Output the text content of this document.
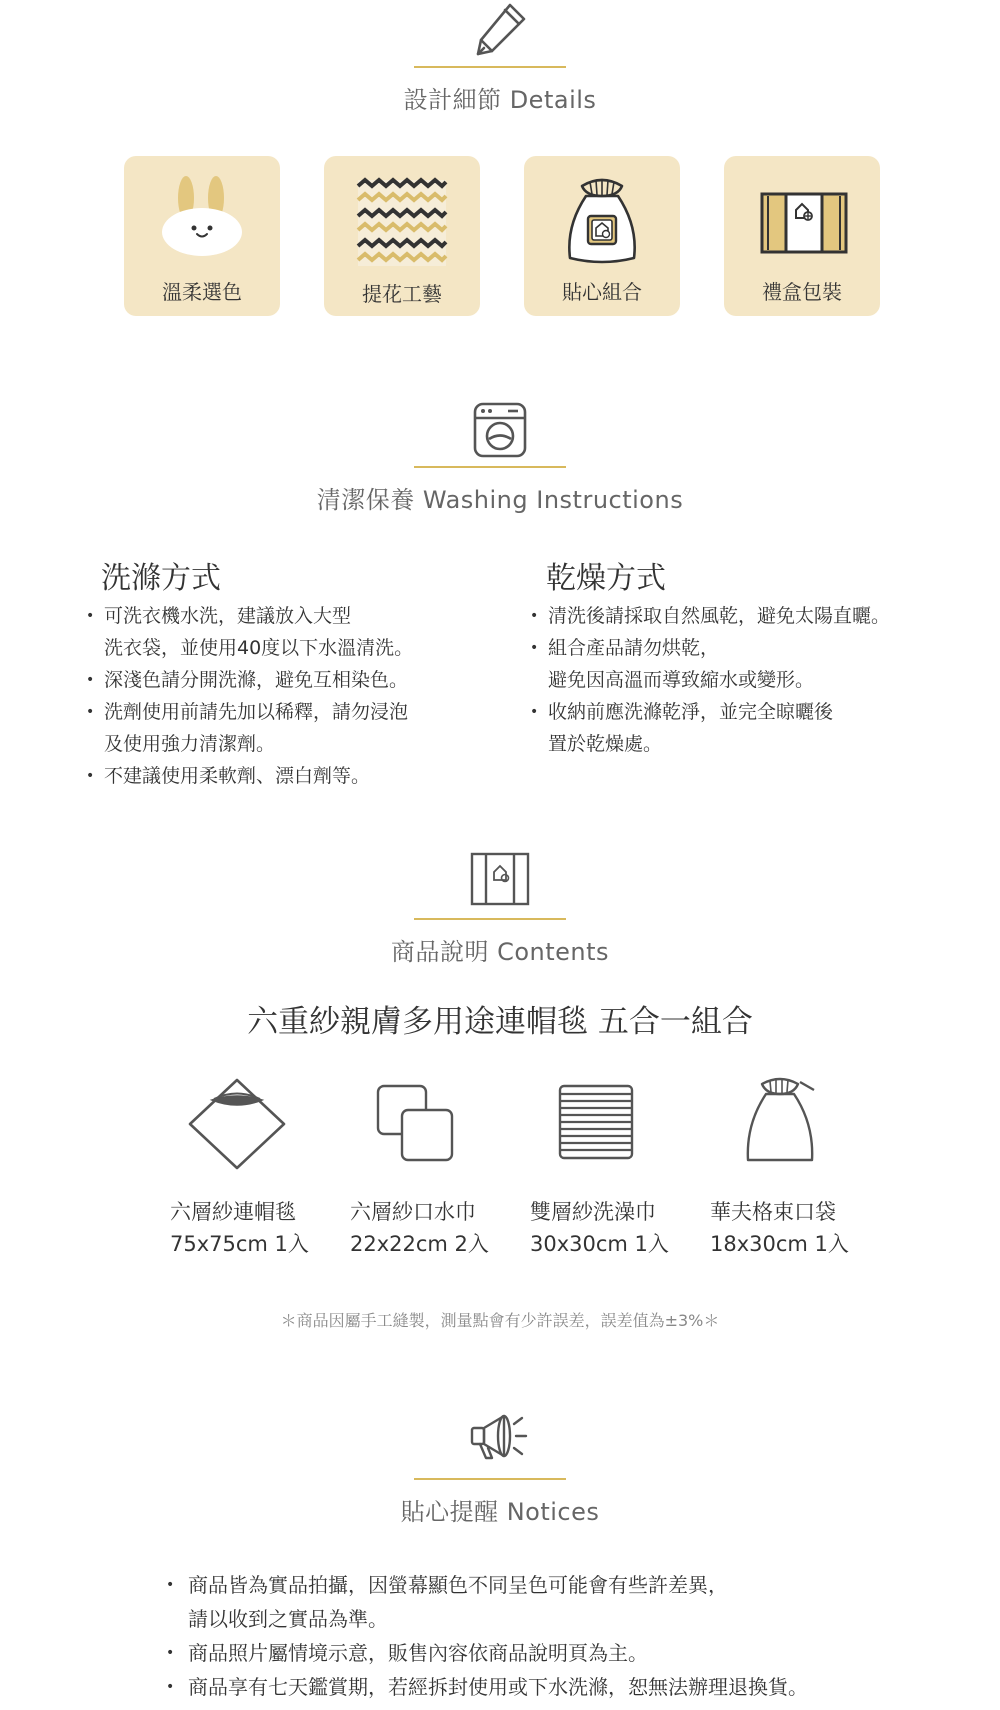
設計細節 Details
溫柔選色	提花工藝	貼心組合	禮盒包裝
清潔保養 Washing Instructions
洗滌方式
• 可洗衣機水洗，建議放入大型
洗衣袋，並使用40度以下水溫清洗。
• 深淺色請分開洗滌，避免互相染色。
• 洗劑使用前請先加以稀釋，請勿浸泡
及使用強力清潔劑。
• 不建議使用柔軟劑、漂白劑等。
乾燥方式
• 清洗後請採取自然風乾，避免太陽直曬。
• 組合產品請勿烘乾，
避免因高溫而導致縮水或變形。
• 收納前應洗滌乾淨，並完全晾曬後
置於乾燥處。
商品說明 Contents
六重紗親膚多用途連帽毯 五合一組合
六層紗連帽毯
75x75cm 1入
六層紗口水巾
22x22cm 2入
雙層紗洗澡巾
30x30cm 1入
華夫格束口袋
18x30cm 1入
＊商品因屬手工縫製，測量點會有少許誤差，誤差值為±3%＊
貼心提醒 Notices
• 商品皆為實品拍攝，因螢幕顯色不同呈色可能會有些許差異，
請以收到之實品為準。
• 商品照片屬情境示意，販售內容依商品說明頁為主。
• 商品享有七天鑑賞期，若經拆封使用或下水洗滌，恕無法辦理退換貨。
